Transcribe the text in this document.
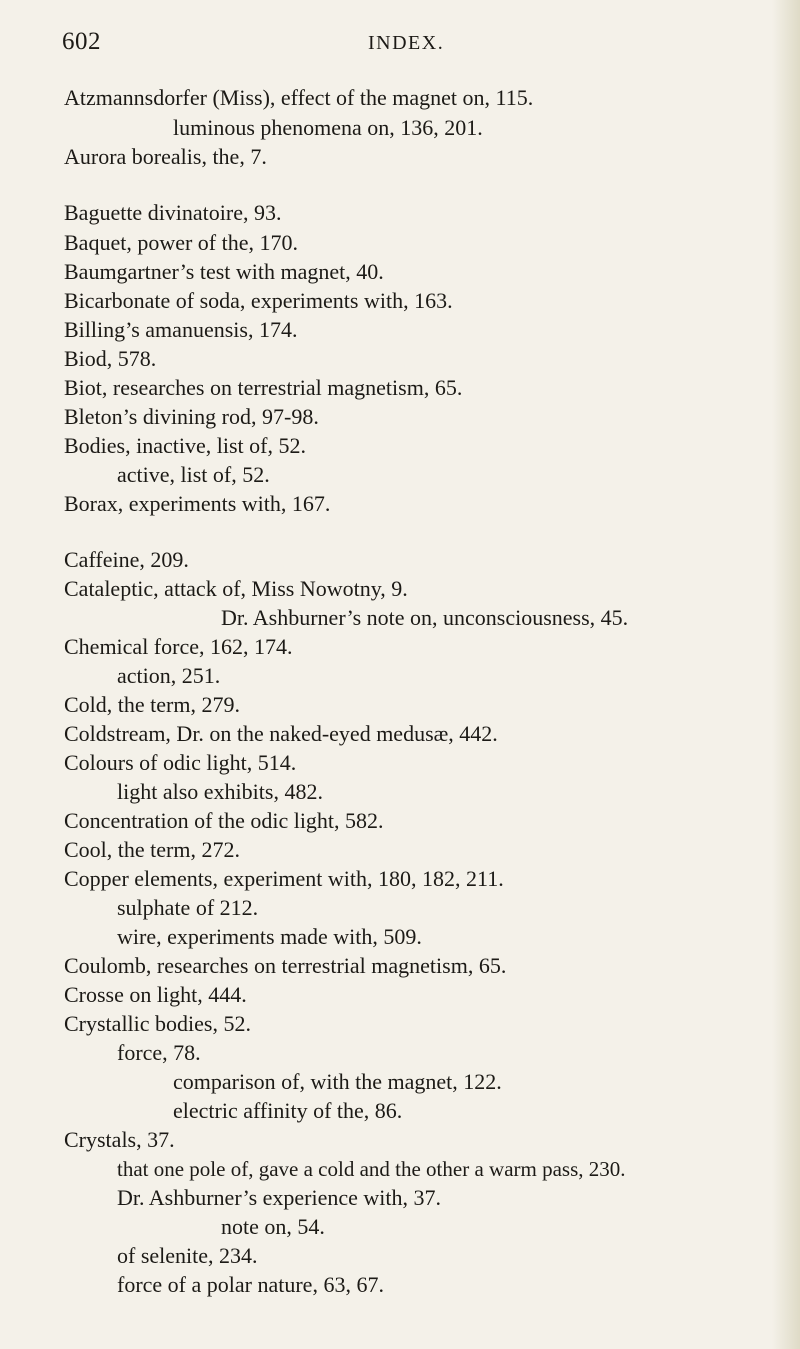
602	INDEX.
Atzmannsdorfer (Miss), effect of the magnet on, 115.
luminous phenomena on, 136, 201.
Aurora borealis, the, 7.
Baguette divinatoire, 93.
Baquet, power of the, 170.
Baumgartner’s test with magnet, 40.
Bicarbonate of soda, experiments with, 163.
Billing’s amanuensis, 174.
Biod, 578.
Biot, researches on terrestrial magnetism, 65.
Bleton’s divining rod, 97-98.
Bodies, inactive, list of, 52.
active, list of, 52.
Borax, experiments with, 167.
Caffeine, 209.
Cataleptic, attack of, Miss Nowotny, 9.
Dr. Ashburner’s note on, unconsciousness, 45.
Chemical force, 162, 174.
action, 251.
Cold, the term, 279.
Coldstream, Dr. on the naked-eyed medusæ, 442.
Colours of odic light, 514.
light also exhibits, 482.
Concentration of the odic light, 582.
Cool, the term, 272.
Copper elements, experiment with, 180, 182, 211.
sulphate of 212.
wire, experiments made with, 509.
Coulomb, researches on terrestrial magnetism, 65.
Crosse on light, 444.
Crystallic bodies, 52.
force, 78.
comparison of, with the magnet, 122.
electric affinity of the, 86.
Crystals, 37.
that one pole of, gave a cold and the other a warm pass, 230.
Dr. Ashburner’s experience with, 37.
note on, 54.
of selenite, 234.
force of a polar nature, 63, 67.
